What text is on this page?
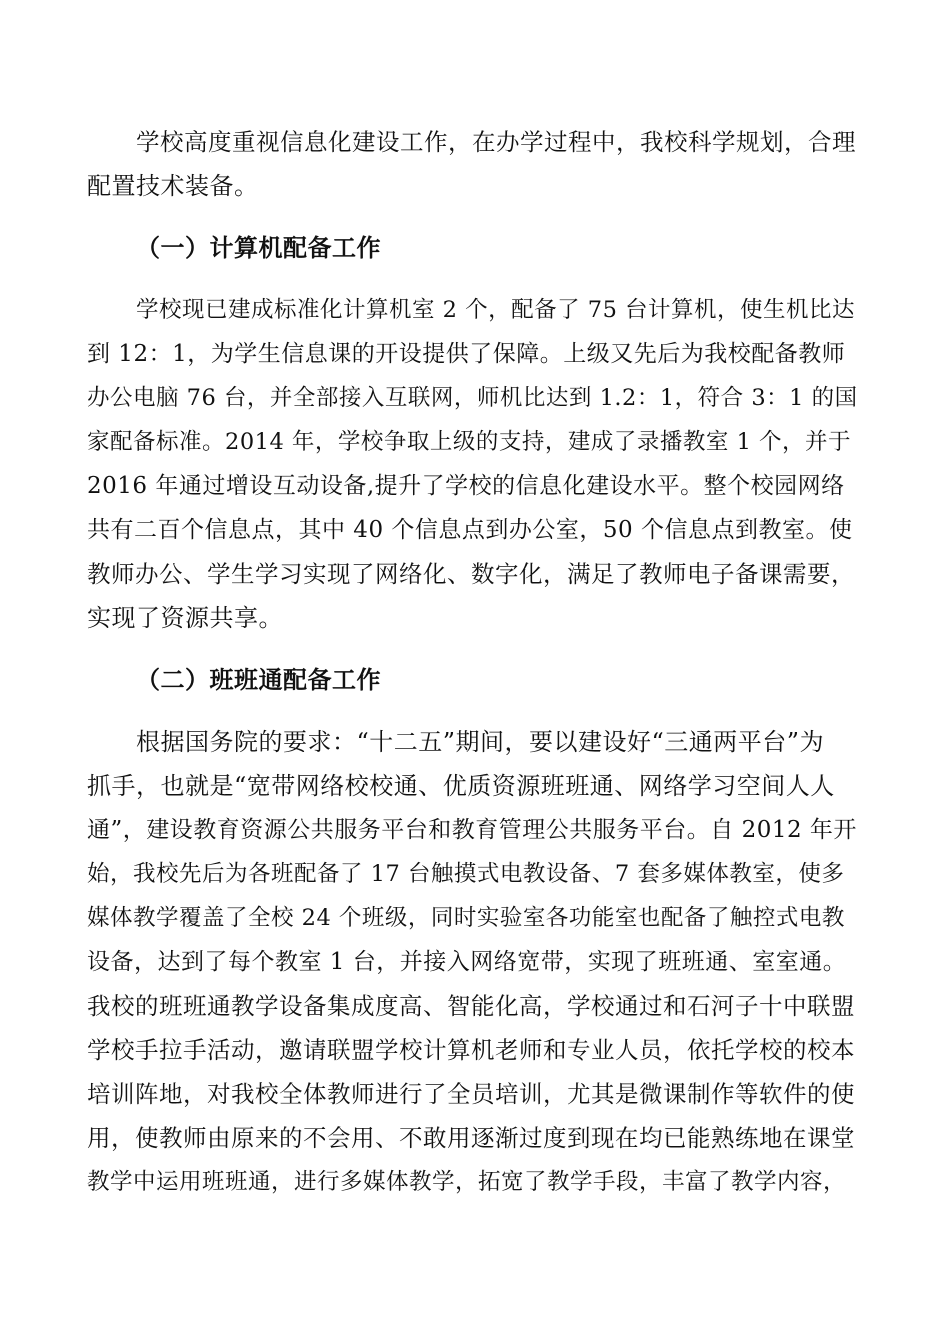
学校高度重视信息化建设工作，在办学过程中，我校科学规划，合理
配置技术装备。
（一）计算机配备工作
学校现已建成标准化计算机室 2 个，配备了 75 台计算机，使生机比达
到 12：1，为学生信息课的开设提供了保障。上级又先后为我校配备教师
办公电脑 76 台，并全部接入互联网，师机比达到 1.2：1，符合 3：1 的国
家配备标准。2014 年，学校争取上级的支持，建成了录播教室 1 个，并于
2016 年通过增设互动设备,提升了学校的信息化建设水平。整个校园网络
共有二百个信息点，其中 40 个信息点到办公室，50 个信息点到教室。使
教师办公、学生学习实现了网络化、数字化，满足了教师电子备课需要，
实现了资源共享。
（二）班班通配备工作
根据国务院的要求：“十二五”期间，要以建设好“三通两平台”为
抓手，也就是“宽带网络校校通、优质资源班班通、网络学习空间人人
通”，建设教育资源公共服务平台和教育管理公共服务平台。自 2012 年开
始，我校先后为各班配备了 17 台触摸式电教设备、7 套多媒体教室，使多
媒体教学覆盖了全校 24 个班级，同时实验室各功能室也配备了触控式电教
设备，达到了每个教室 1 台，并接入网络宽带，实现了班班通、室室通。
我校的班班通教学设备集成度高、智能化高，学校通过和石河子十中联盟
学校手拉手活动，邀请联盟学校计算机老师和专业人员，依托学校的校本
培训阵地，对我校全体教师进行了全员培训，尤其是微课制作等软件的使
用，使教师由原来的不会用、不敢用逐渐过度到现在均已能熟练地在课堂
教学中运用班班通，进行多媒体教学，拓宽了教学手段，丰富了教学内容，
